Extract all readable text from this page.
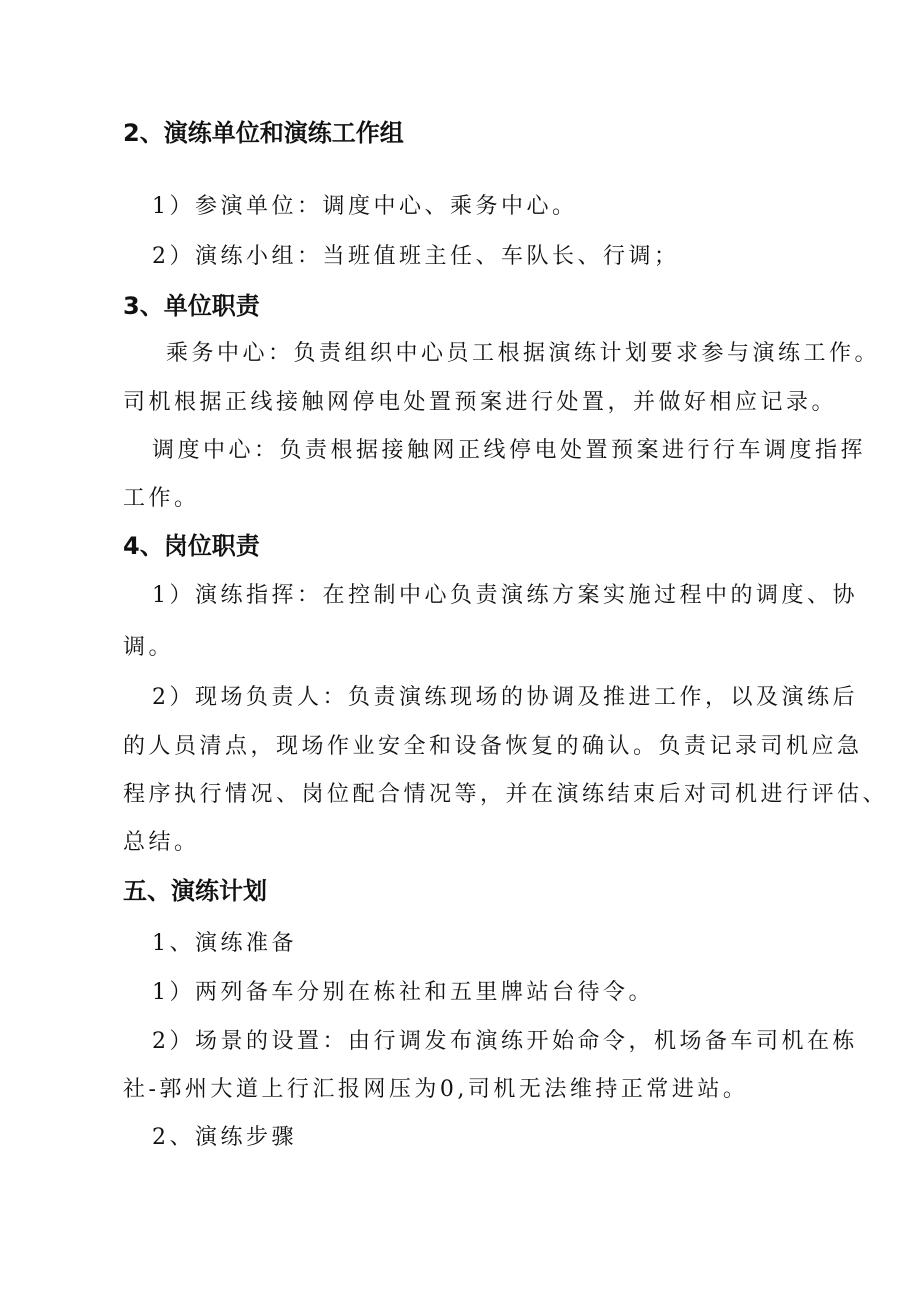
2、演练单位和演练工作组

1）参演单位：调度中心、乘务中心。

2）演练小组：当班值班主任、车队长、行调；

3、单位职责

乘务中心：负责组织中心员工根据演练计划要求参与演练工作。

司机根据正线接触网停电处置预案进行处置，并做好相应记录。

调度中心：负责根据接触网正线停电处置预案进行行车调度指挥

工作。

4、岗位职责

1）演练指挥：在控制中心负责演练方案实施过程中的调度、协

调。

2）现场负责人：负责演练现场的协调及推进工作，以及演练后

的人员清点，现场作业安全和设备恢复的确认。负责记录司机应急

程序执行情况、岗位配合情况等，并在演练结束后对司机进行评估、

总结。

五、演练计划

1、演练准备

1）两列备车分别在栋社和五里牌站台待令。

2）场景的设置：由行调发布演练开始命令，机场备车司机在栋

社-郭州大道上行汇报网压为0,司机无法维持正常进站。

2、演练步骤
